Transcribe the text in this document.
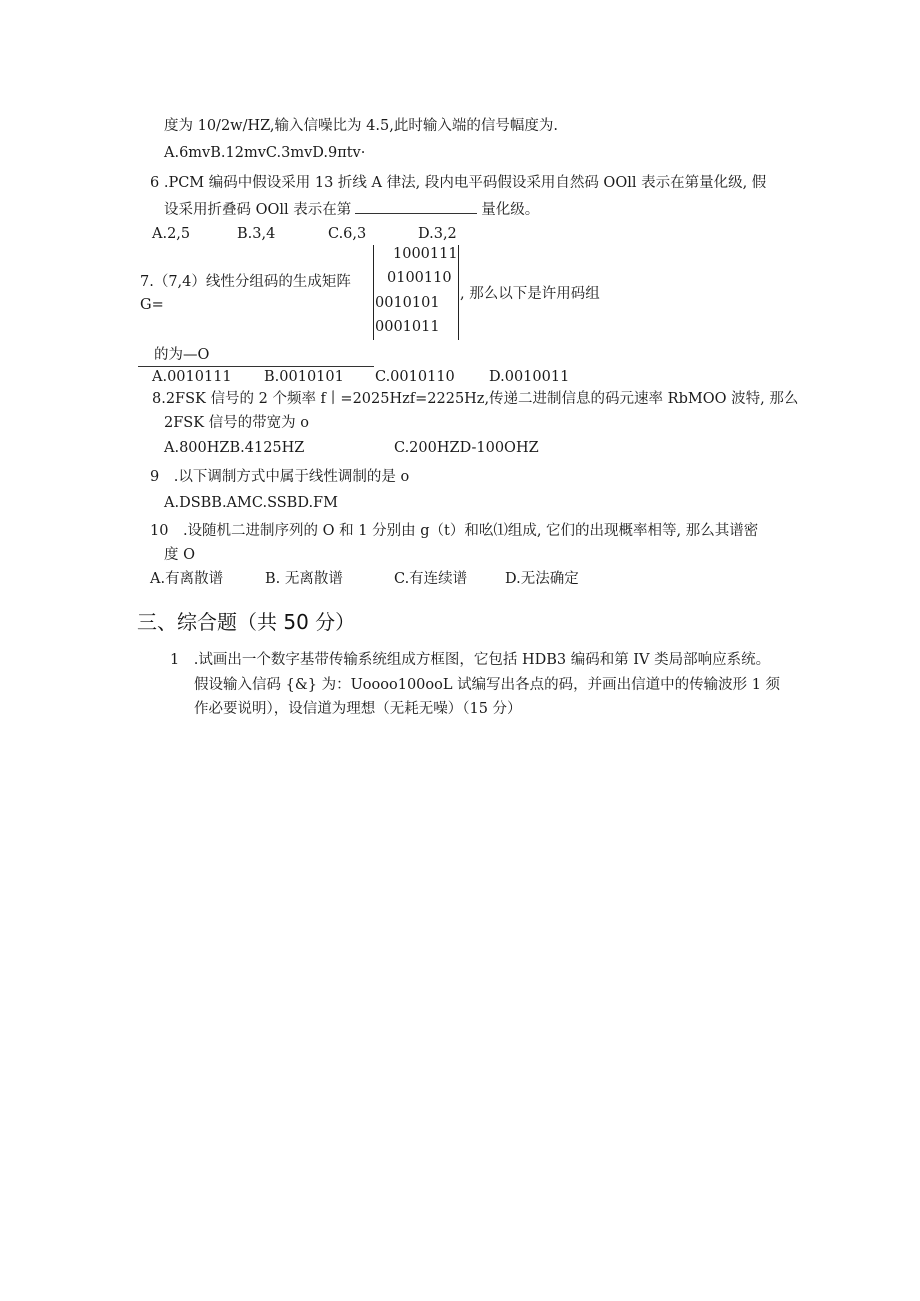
度为 10/2w/HZ,输入信噪比为 4.5,此时输入端的信号幅度为.
A.6mvB.12mvC.3mvD.9πtv·
6 .PCM 编码中假设采用 13 折线 A 律法, 段内电平码假设采用自然码 OOll 表示在第量化级, 假
设采用折叠码 OOll 表示在第	量化级。
A.2,5	B.3,4	C.6,3	D.3,2
7.（7,4）线性分组码的生成矩阵
G=
1000111
0100110
0010101
0001011
, 那么以下是许用码组
的为—O
A.0010111 B.0010101 C.0010110 D.0010011
8.2FSK 信号的 2 个频率 f丨=2025Hzf=2225Hz,传递二进制信息的码元速率 RbMOO 波特, 那么
2FSK 信号的带宽为 o
A.800HZB.4125HZ	C.200HZD-100OHZ
9　.以下调制方式中属于线性调制的是 o
A.DSBB.AMC.SSBD.FM
10　.设随机二进制序列的 O 和 1 分别由 g（t）和吆⑴组成, 它们的出现概率相等, 那么其谱密
度 O
A.有离散谱	B. 无离散谱	C.有连续谱	D.无法确定
三、综合题（共 50 分）
1　.试画出一个数字基带传输系统组成方框图，它包括 HDB3 编码和第 IV 类局部响应系统。
假设输入信码 {&} 为：Uoooo100ooL 试编写出各点的码，并画出信道中的传输波形 1 须
作必要说明），设信道为理想（无耗无噪）（15 分）
